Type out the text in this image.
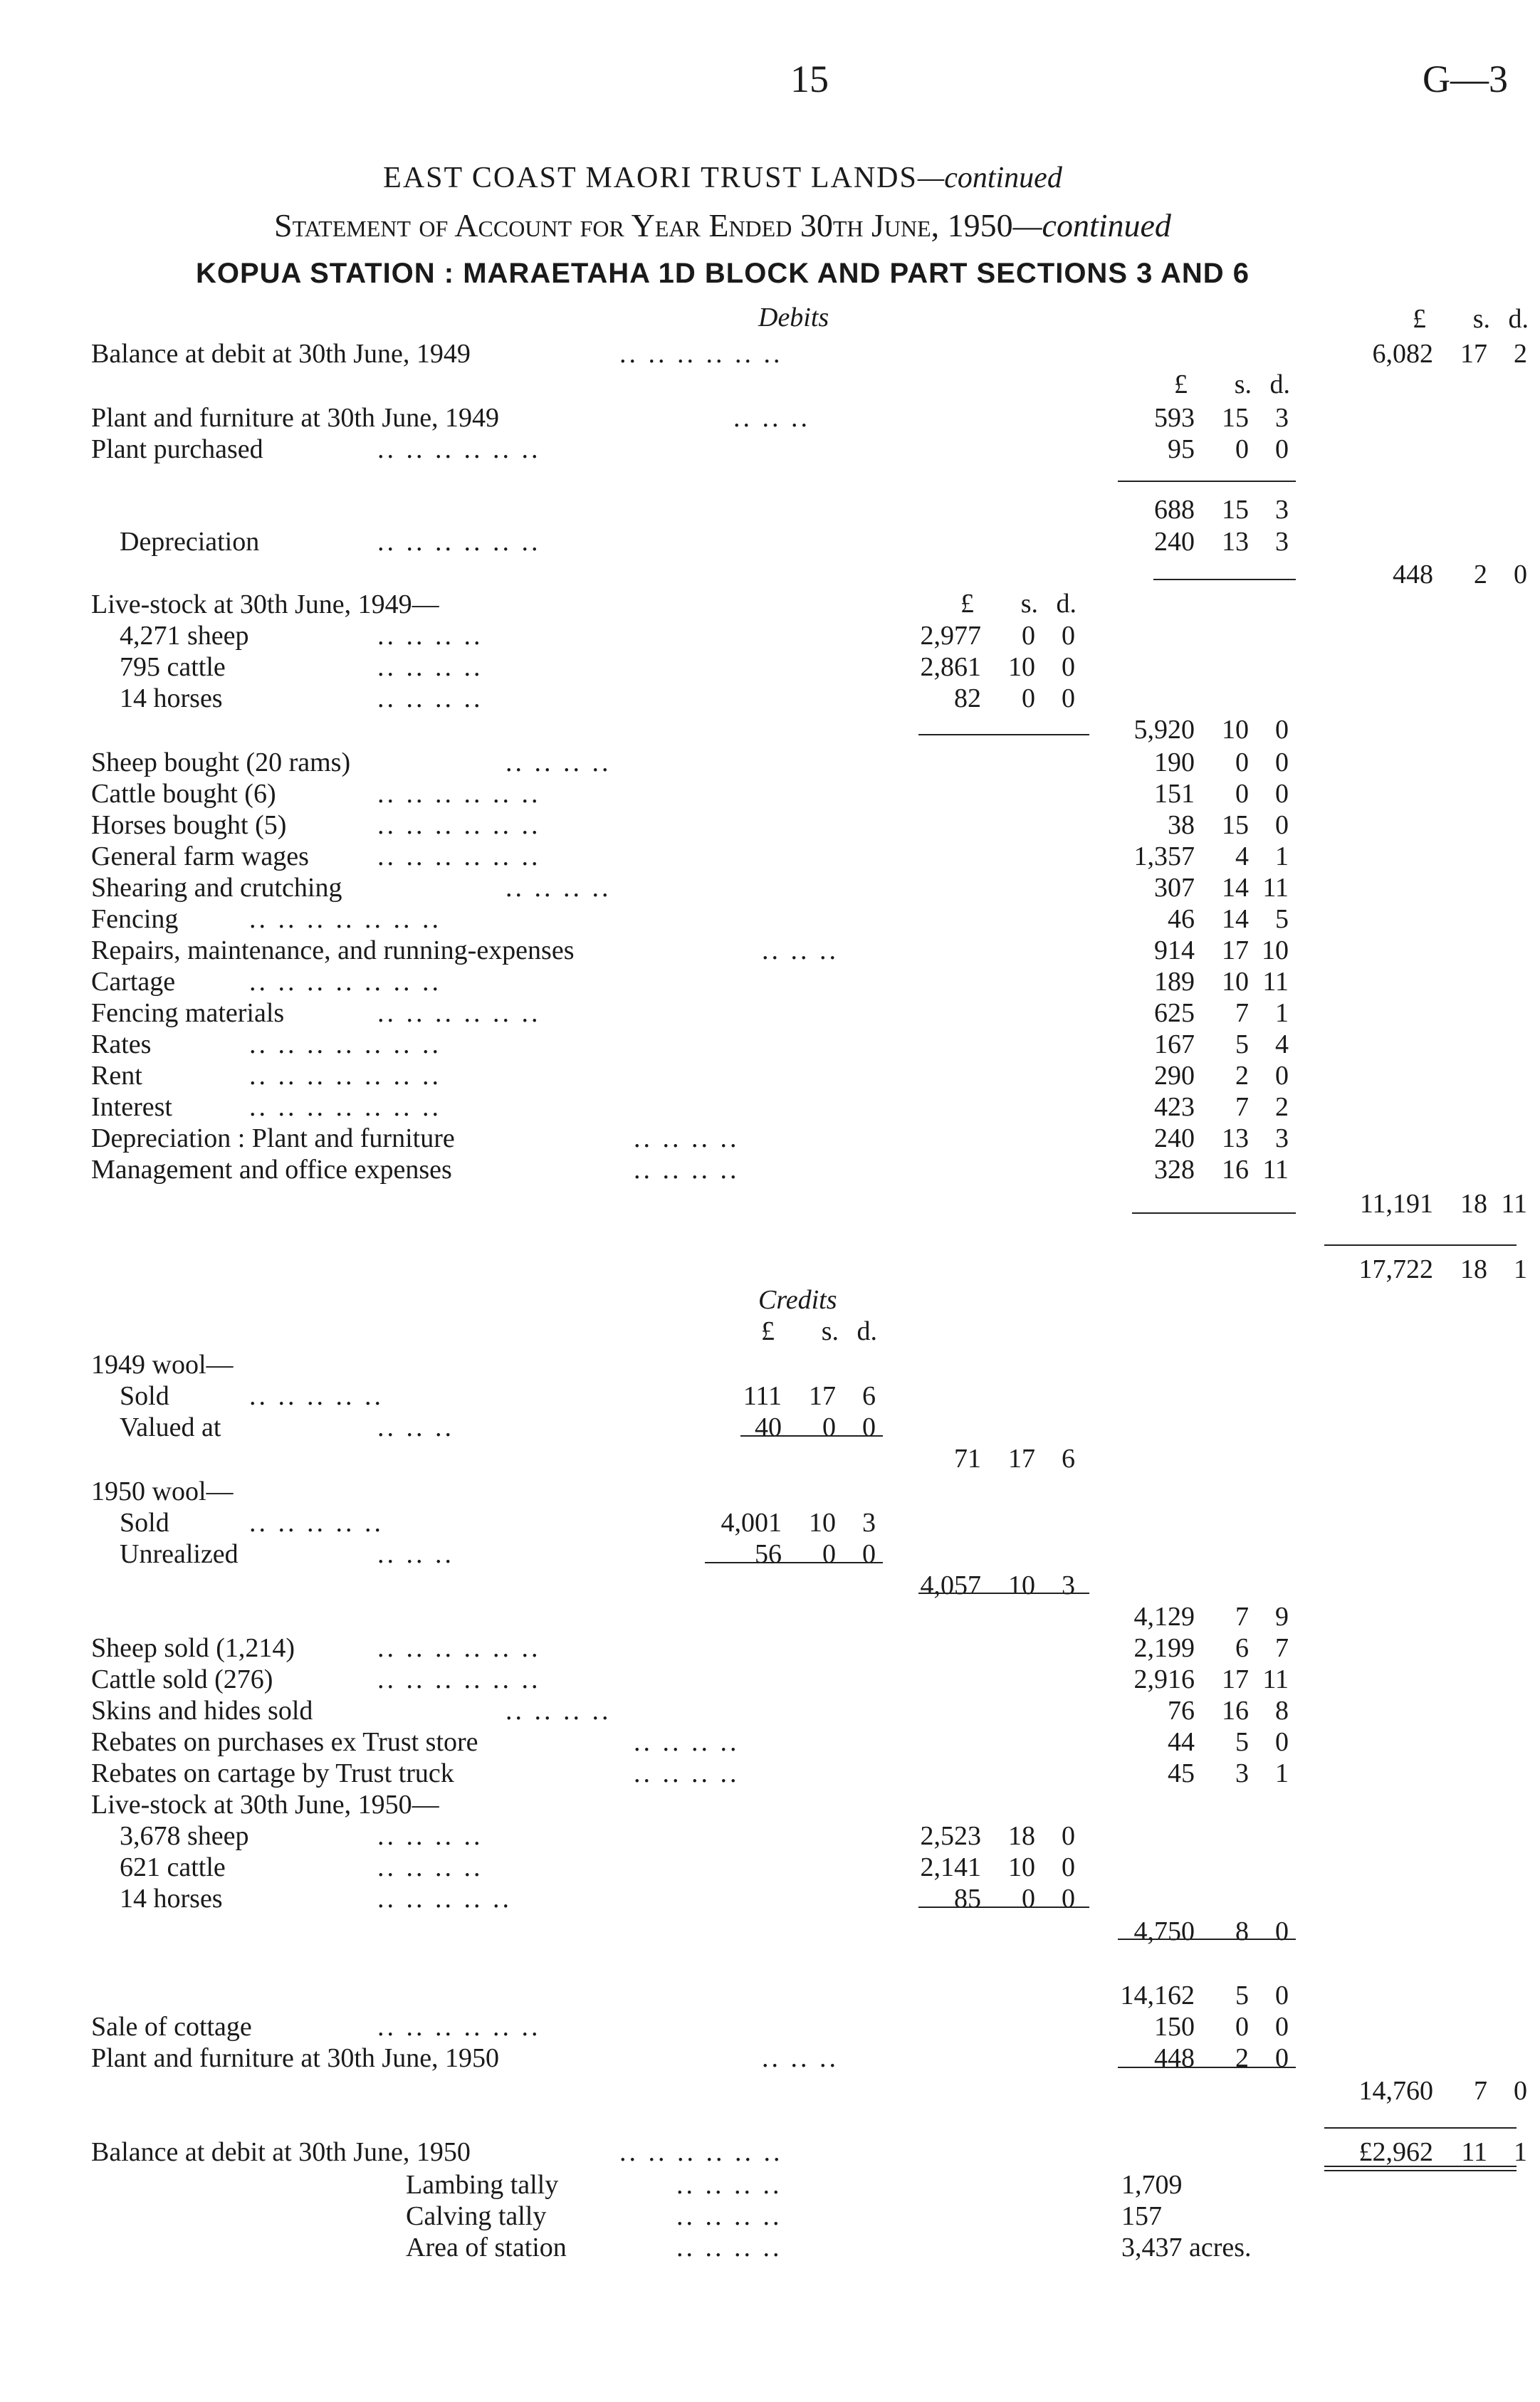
15	G—3
EAST COAST MAORI TRUST LANDS—continued
Statement of Account for Year Ended 30th June, 1950—continued
KOPUA STATION : MARAETAHA 1D BLOCK AND PART SECTIONS 3 AND 6
Debits	£ s. d.
£ s. d.
£ s. d.
Balance at debit at 30th June, 1949	.. .. .. .. .. ..	6,082 17 2
Plant and furniture at 30th June, 1949	.. .. ..	593 15 3
Plant purchased	.. .. .. .. .. ..	95 0 0
688 15 3
Depreciation	.. .. .. .. .. ..	240 13 3
448 2 0
Live-stock at 30th June, 1949—
4,271 sheep	.. .. .. ..	2,977 0 0
795 cattle	.. .. .. ..	2,861 10 0
14 horses	.. .. .. ..	82 0 0
5,920 10 0
Sheep bought (20 rams)	.. .. .. ..	190 0 0
Cattle bought (6)	.. .. .. .. .. ..	151 0 0
Horses bought (5)	.. .. .. .. .. ..	38 15 0
General farm wages	.. .. .. .. .. ..	1,357 4 1
Shearing and crutching	.. .. .. ..	307 14 11
Fencing	.. .. .. .. .. .. ..	46 14 5
Repairs, maintenance, and running-expenses	.. .. ..	914 17 10
Cartage	.. .. .. .. .. .. ..	189 10 11
Fencing materials	.. .. .. .. .. ..	625 7 1
Rates	.. .. .. .. .. .. ..	167 5 4
Rent	.. .. .. .. .. .. ..	290 2 0
Interest	.. .. .. .. .. .. ..	423 7 2
Depreciation : Plant and furniture	.. .. .. ..	240 13 3
Management and office expenses	.. .. .. ..	328 16 11
11,191 18 11
17,722 18 1
Credits
£ s. d.
1949 wool—
Sold	.. .. .. .. ..	111 17 6
Valued at	.. .. ..	40 0 0
71 17 6
1950 wool—
Sold	.. .. .. .. ..	4,001 10 3
Unrealized	.. .. ..	56 0 0
4,057 10 3
4,129 7 9
Sheep sold (1,214)	.. .. .. .. .. ..	2,199 6 7
Cattle sold (276)	.. .. .. .. .. ..	2,916 17 11
Skins and hides sold	.. .. .. ..	76 16 8
Rebates on purchases ex Trust store	.. .. .. ..	44 5 0
Rebates on cartage by Trust truck	.. .. .. ..	45 3 1
Live-stock at 30th June, 1950—
3,678 sheep	.. .. .. ..	2,523 18 0
621 cattle	.. .. .. ..	2,141 10 0
14 horses	.. .. .. .. ..	85 0 0
4,750 8 0
14,162 5 0
Sale of cottage	.. .. .. .. .. ..	150 0 0
Plant and furniture at 30th June, 1950	.. .. ..	448 2 0
14,760 7 0
Balance at debit at 30th June, 1950	.. .. .. .. .. ..	£2,962 11 1
Lambing tally	.. .. .. ..	1,709
Calving tally	.. .. .. ..	157
Area of station	.. .. .. ..	3,437 acres.
